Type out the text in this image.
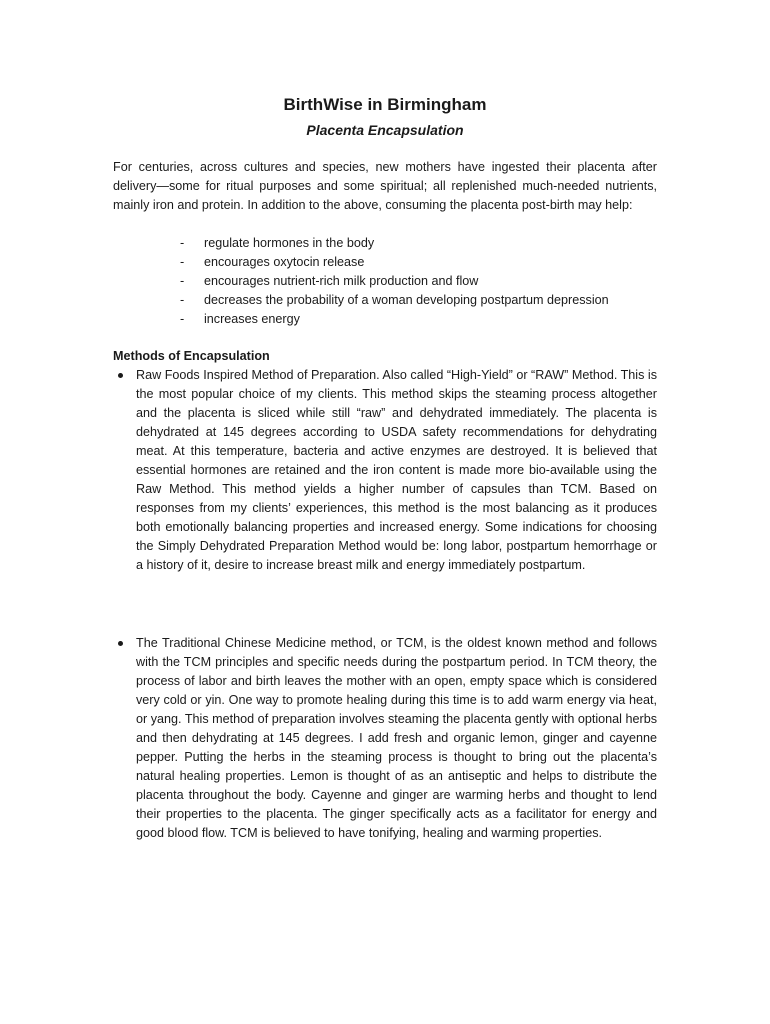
BirthWise in Birmingham
Placenta Encapsulation

For centuries, across cultures and species, new mothers have ingested their placenta after delivery—some for ritual purposes and some spiritual; all replenished much-needed nutrients, mainly iron and protein. In addition to the above, consuming the placenta post-birth may help:

-	regulate hormones in the body
-	encourages oxytocin release
-	encourages nutrient-rich milk production and flow
-	decreases the probability of a woman developing postpartum depression
-	increases energy

Methods of Encapsulation

Raw Foods Inspired Method of Preparation. Also called “High-Yield” or “RAW” Method. This is the most popular choice of my clients. This method skips the steaming process altogether and the placenta is sliced while still “raw” and dehydrated immediately. The placenta is dehydrated at 145 degrees according to USDA safety recommendations for dehydrating meat. At this temperature, bacteria and active enzymes are destroyed. It is believed that essential hormones are retained and the iron content is made more bio-available using the Raw Method. This method yields a higher number of capsules than TCM. Based on responses from my clients’ experiences, this method is the most balancing as it produces both emotionally balancing properties and increased energy. Some indications for choosing the Simply Dehydrated Preparation Method would be: long labor, postpartum hemorrhage or a history of it, desire to increase breast milk and energy immediately postpartum.

The Traditional Chinese Medicine method, or TCM, is the oldest known method and follows with the TCM principles and specific needs during the postpartum period. In TCM theory, the process of labor and birth leaves the mother with an open, empty space which is considered very cold or yin. One way to promote healing during this time is to add warm energy via heat, or yang. This method of preparation involves steaming the placenta gently with optional herbs and then dehydrating at 145 degrees. I add fresh and organic lemon, ginger and cayenne pepper. Putting the herbs in the steaming process is thought to bring out the placenta’s natural healing properties. Lemon is thought of as an antiseptic and helps to distribute the placenta throughout the body. Cayenne and ginger are warming herbs and thought to lend their properties to the placenta. The ginger specifically acts as a facilitator for energy and good blood flow. TCM is believed to have tonifying, healing and warming properties.
